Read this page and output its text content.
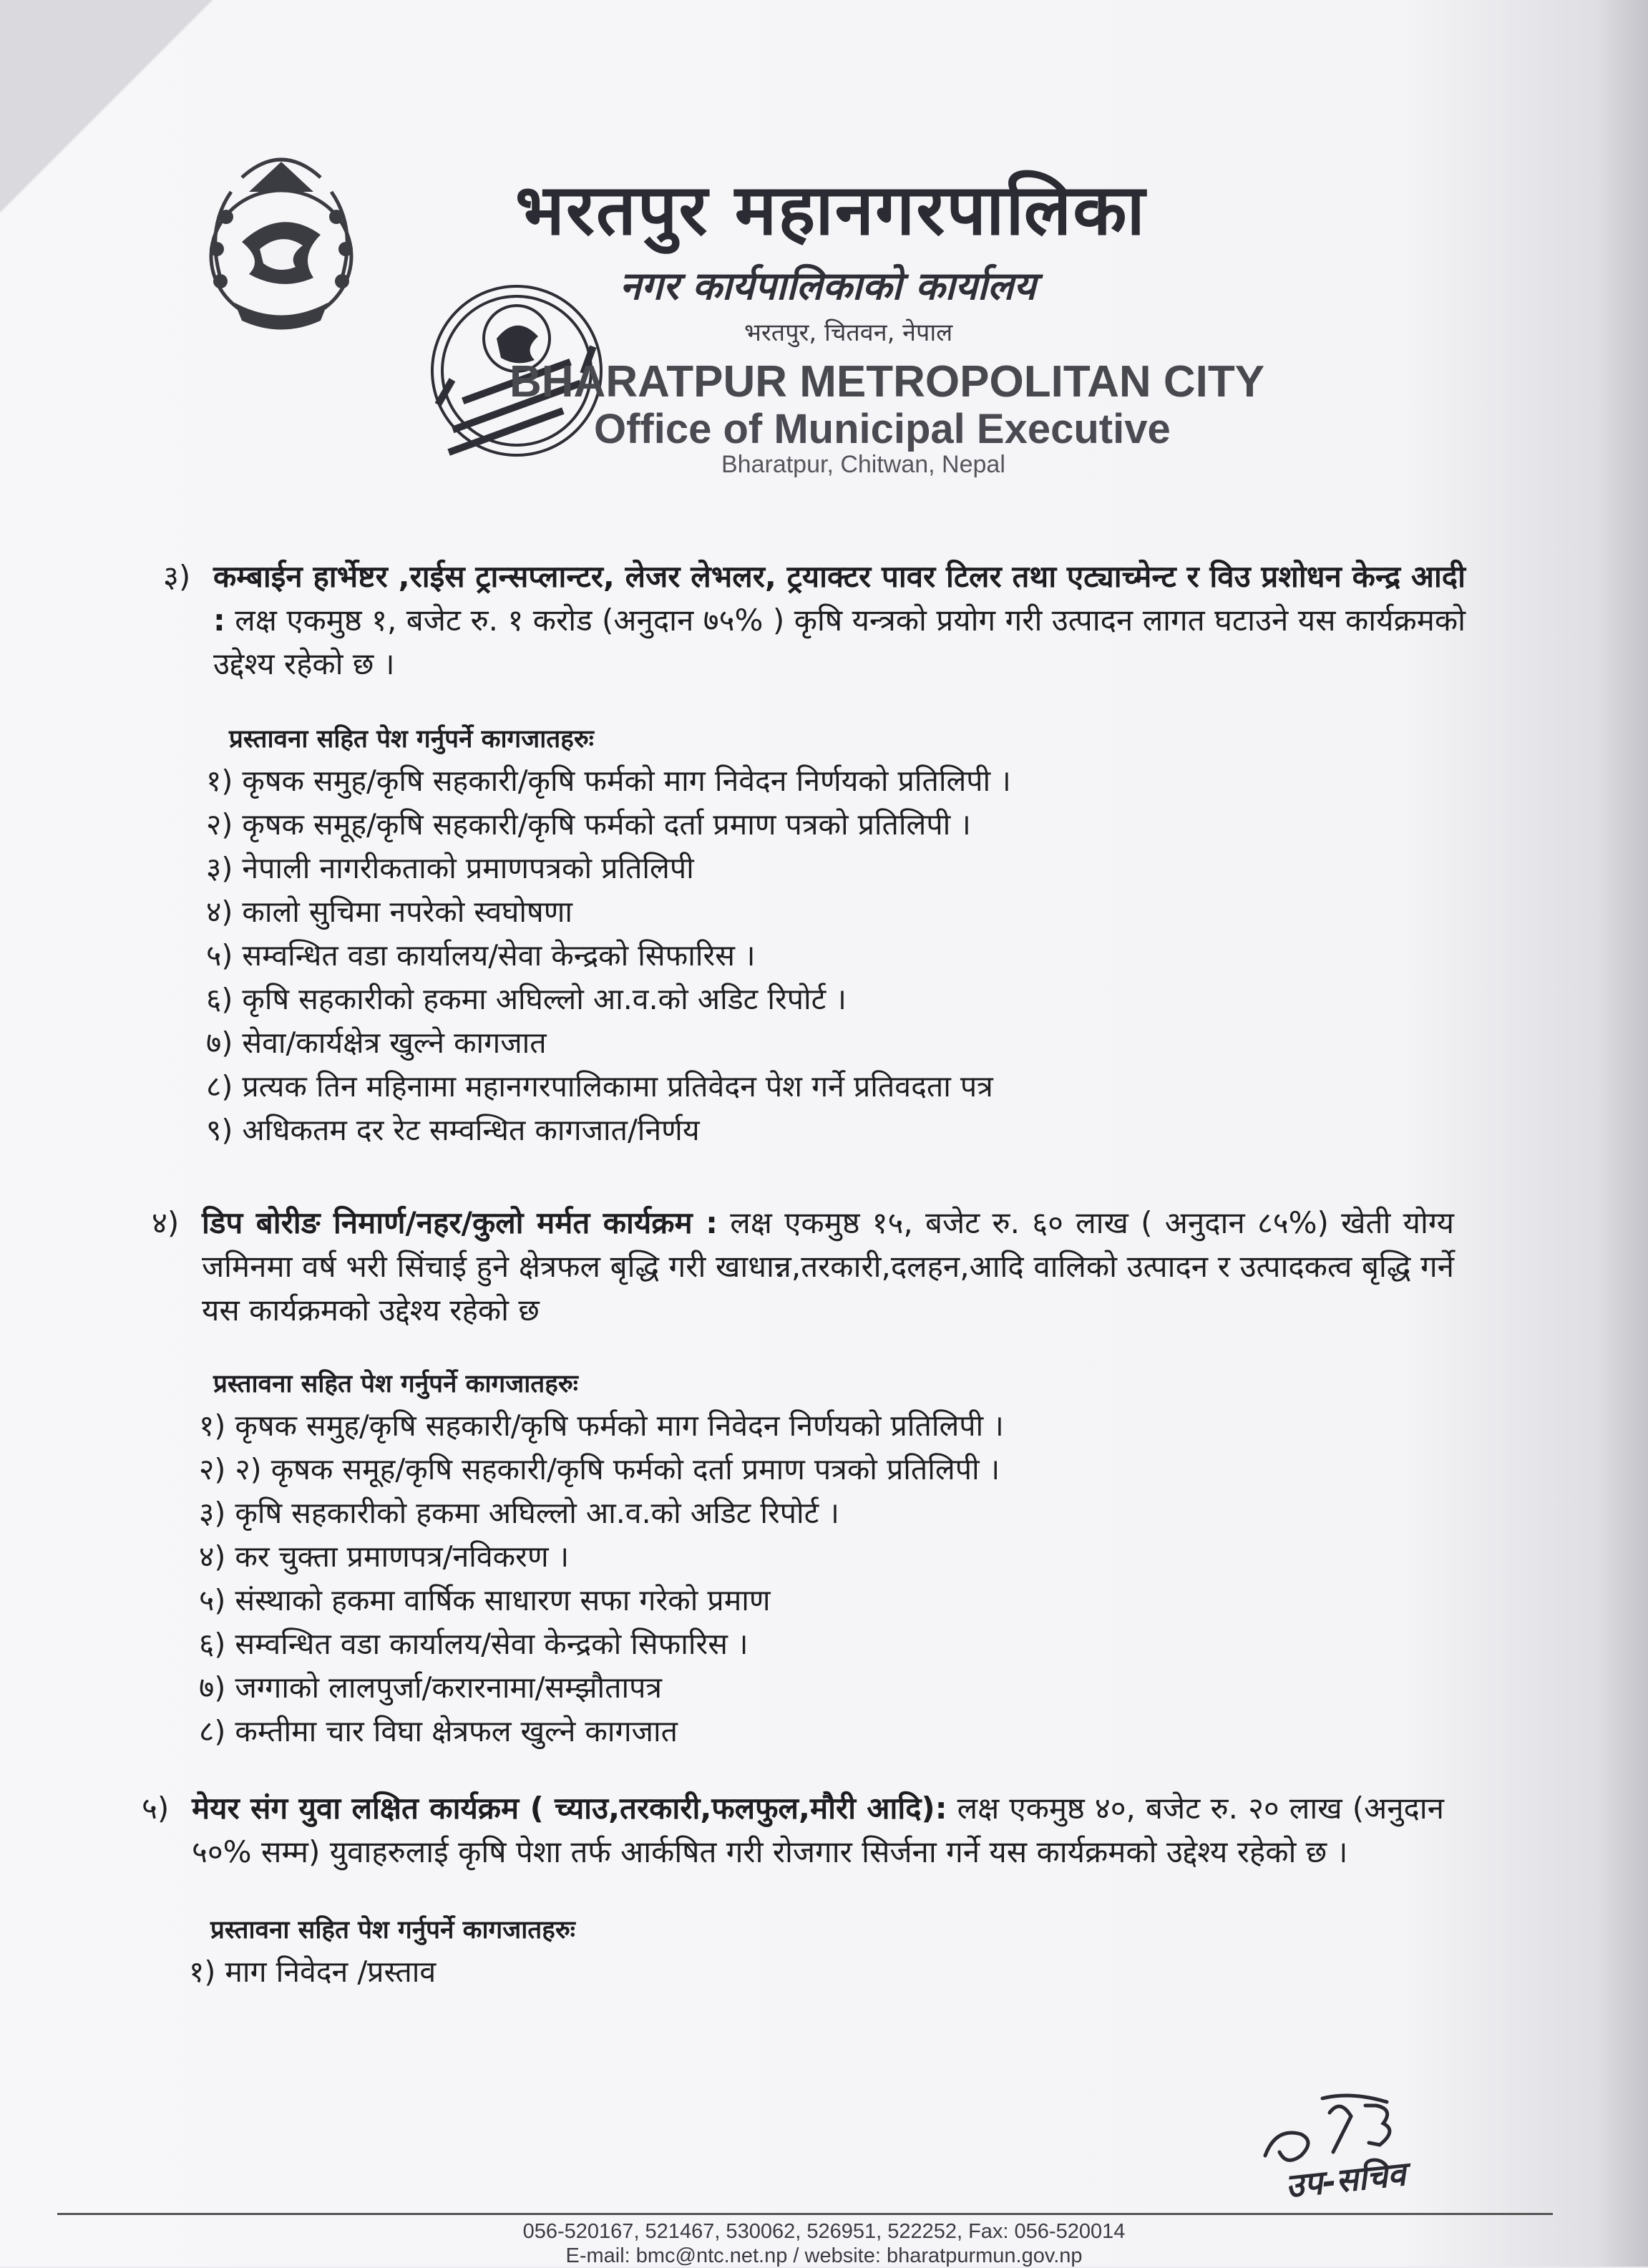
भरतपुर महानगरपालिका
नगर कार्यपालिकाको कार्यालय
भरतपुर, चितवन, नेपाल
BHARATPUR METROPOLITAN CITY
Office of Municipal Executive
Bharatpur, Chitwan, Nepal

३) कम्बाईन हार्भेष्टर ,राईस ट्रान्सप्लान्टर, लेजर लेभलर, ट्रयाक्टर पावर टिलर तथा एट्याच्मेन्ट र विउ प्रशोधन केन्द्र आदी : लक्ष एकमुष्ठ १, बजेट रु. १ करोड (अनुदान ७५% ) कृषि यन्त्रको प्रयोग गरी उत्पादन लागत घटाउने यस कार्यक्रमको उद्देश्य रहेको छ ।

प्रस्तावना सहित पेश गर्नुपर्ने कागजातहरुः

१) कृषक समुह/कृषि सहकारी/कृषि फर्मको माग निवेदन निर्णयको प्रतिलिपी ।
२) कृषक समूह/कृषि सहकारी/कृषि फर्मको दर्ता प्रमाण पत्रको प्रतिलिपी ।
३) नेपाली नागरीकताको प्रमाणपत्रको प्रतिलिपी
४) कालो सुचिमा नपरेको स्वघोषणा
५) सम्वन्धित वडा कार्यालय/सेवा केन्द्रको सिफारिस ।
६) कृषि सहकारीको हकमा अघिल्लो आ.व.को अडिट रिपोर्ट ।
७) सेवा/कार्यक्षेत्र खुल्ने कागजात
८) प्रत्यक तिन महिनामा महानगरपालिकामा प्रतिवेदन पेश गर्ने प्रतिवदता पत्र
९) अधिकतम दर रेट सम्वन्धित कागजात/निर्णय

४) डिप बोरीङ निमार्ण/नहर/कुलो मर्मत कार्यक्रम : लक्ष एकमुष्ठ १५, बजेट रु. ६० लाख ( अनुदान ८५%) खेती योग्य जमिनमा वर्ष भरी सिंचाई हुने क्षेत्रफल बृद्धि गरी खाधान्न,तरकारी,दलहन,आदि वालिको उत्पादन र उत्पादकत्व बृद्धि गर्ने यस कार्यक्रमको उद्देश्य रहेको छ

प्रस्तावना सहित पेश गर्नुपर्ने कागजातहरुः

१) कृषक समुह/कृषि सहकारी/कृषि फर्मको माग निवेदन निर्णयको प्रतिलिपी ।
२) २) कृषक समूह/कृषि सहकारी/कृषि फर्मको दर्ता प्रमाण पत्रको प्रतिलिपी ।
३) कृषि सहकारीको हकमा अघिल्लो आ.व.को अडिट रिपोर्ट ।
४) कर चुक्ता प्रमाणपत्र/नविकरण ।
५) संस्थाको हकमा वार्षिक साधारण सफा गरेको प्रमाण
६) सम्वन्धित वडा कार्यालय/सेवा केन्द्रको सिफारिस ।
७) जग्गाको लालपुर्जा/करारनामा/सम्झौतापत्र
८) कम्तीमा चार विघा क्षेत्रफल खुल्ने कागजात

५) मेयर संग युवा लक्षित कार्यक्रम ( च्याउ,तरकारी,फलफुल,मौरी आदि): लक्ष एकमुष्ठ ४०, बजेट रु. २० लाख (अनुदान ५०% सम्म) युवाहरुलाई कृषि पेशा तर्फ आर्कषित गरी रोजगार सिर्जना गर्ने यस कार्यक्रमको उद्देश्य रहेको छ ।

प्रस्तावना सहित पेश गर्नुपर्ने कागजातहरुः

१) माग निवेदन /प्रस्ताव
उप-सचिव
056-520167, 521467, 530062, 526951, 522252, Fax: 056-520014
E-mail: bmc@ntc.net.np / website: bharatpurmun.gov.np
